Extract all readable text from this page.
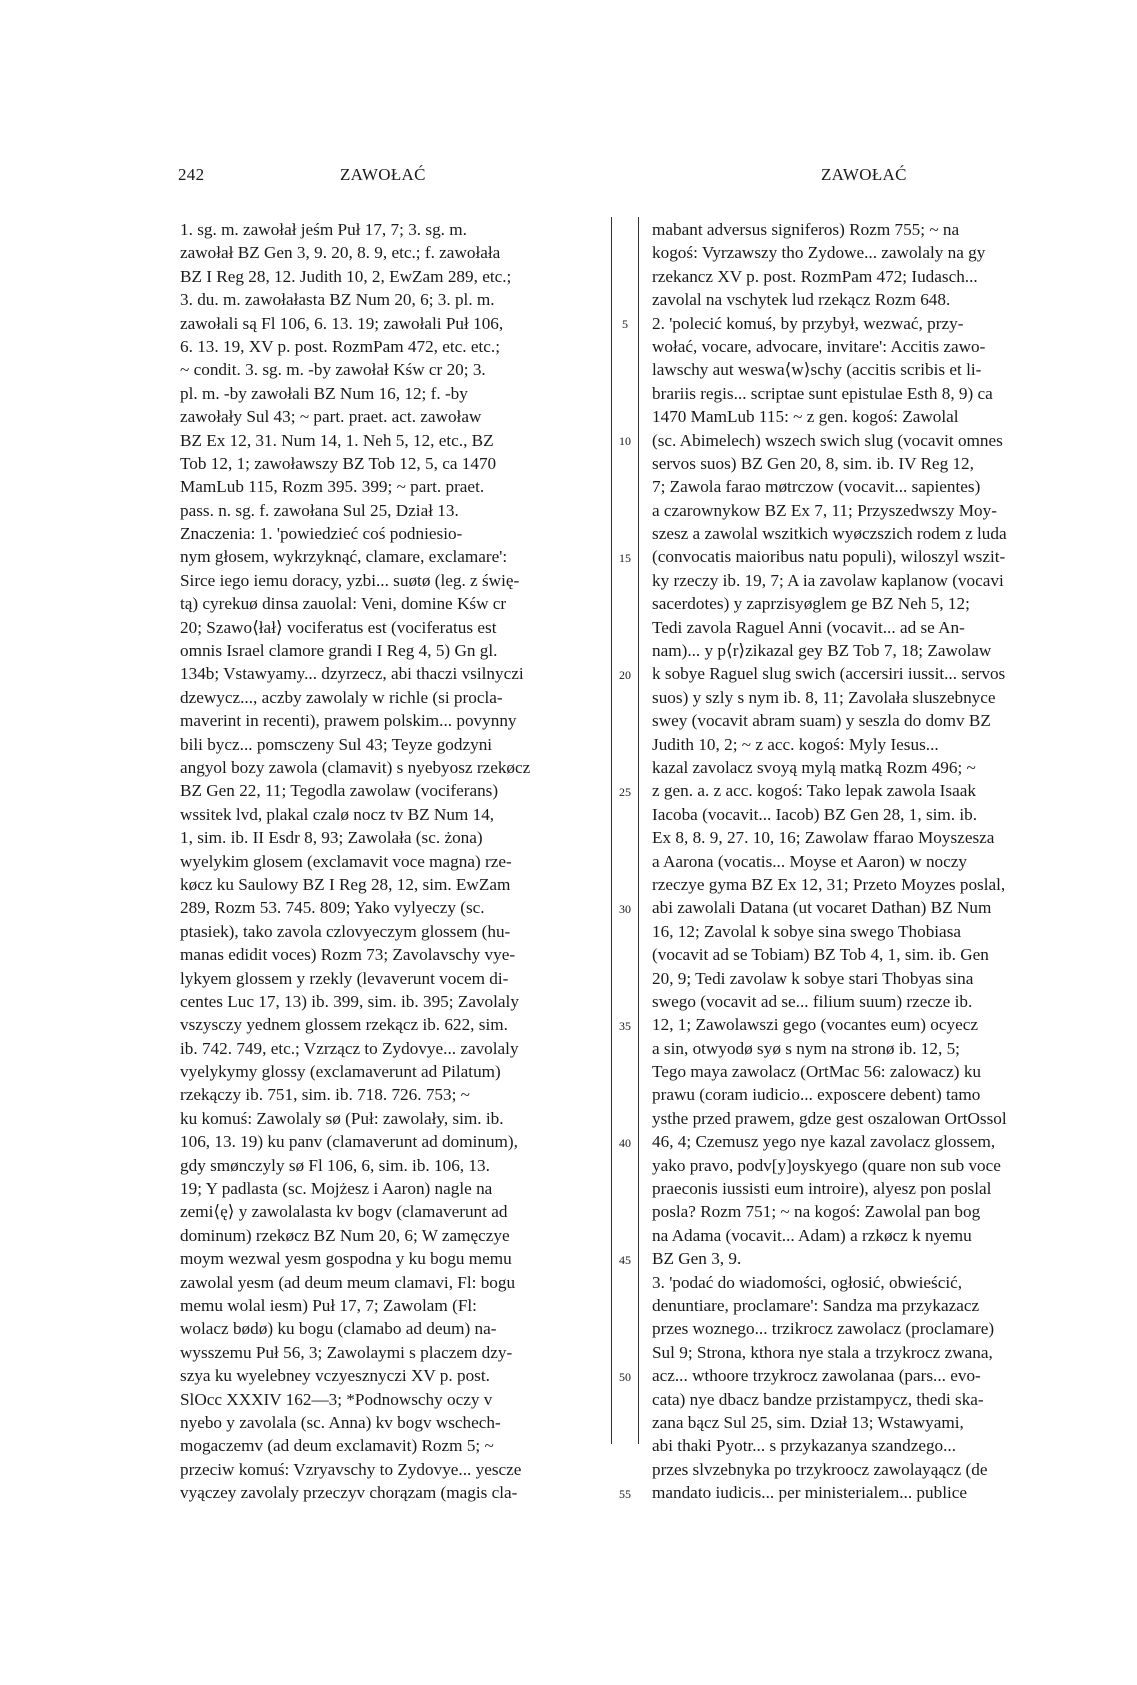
242	ZAWOŁAĆ	ZAWOŁAĆ
5
10
15
20
25
30
35
40
45
50
55
1. sg. m. zawołał jeśm Puł 17, 7; 3. sg. m.
zawołał BZ Gen 3, 9. 20, 8. 9, etc.; f. zawołała
BZ I Reg 28, 12. Judith 10, 2, EwZam 289, etc.;
3. du. m. zawołałasta BZ Num 20, 6; 3. pl. m.
zawołali są Fl 106, 6. 13. 19; zawołali Puł 106,
6. 13. 19, XV p. post. RozmPam 472, etc. etc.;
~ condit. 3. sg. m. -by zawołał Kśw cr 20; 3.
pl. m. -by zawołali BZ Num 16, 12; f. -by
zawołały Sul 43; ~ part. praet. act. zawoław
BZ Ex 12, 31. Num 14, 1. Neh 5, 12, etc., BZ
Tob 12, 1; zawoławszy BZ Tob 12, 5, ca 1470
MamLub 115, Rozm 395. 399; ~ part. praet.
pass. n. sg. f. zawołana Sul 25, Dział 13.
Znaczenia: 1. 'powiedzieć coś podniesio-
nym głosem, wykrzyknąć, clamare, exclamare':
Sirce iego iemu doracy, yzbi... suøtø (leg. z świę-
tą) cyrekuø dinsa zauolal: Veni, domine Kśw cr
20; Szawo⟨łał⟩ vociferatus est (vociferatus est
omnis Israel clamore grandi I Reg 4, 5) Gn gl.
134b; Vstawyamy... dzyrzecz, abi thaczi vsilnyczi
dzewycz..., aczby zawolaly w richle (si procla-
maverint in recenti), prawem polskim... povynny
bili bycz... pomsczeny Sul 43; Teyze godzyni
angyol bozy zawola (clamavit) s nyebyosz rzekøcz
BZ Gen 22, 11; Tegodla zawolaw (vociferans)
wssitek lvd, plakal czalø nocz tv BZ Num 14,
1, sim. ib. II Esdr 8, 93; Zawolała (sc. żona)
wyelykim glosem (exclamavit voce magna) rze-
køcz ku Saulowy BZ I Reg 28, 12, sim. EwZam
289, Rozm 53. 745. 809; Yako vylyeczy (sc.
ptasiek), tako zavola czlovyeczym glossem (hu-
manas edidit voces) Rozm 73; Zavolavschy vye-
lykyem glossem y rzekly (levaverunt vocem di-
centes Luc 17, 13) ib. 399, sim. ib. 395; Zavolaly
vszysczy yednem glossem rzekącz ib. 622, sim.
ib. 742. 749, etc.; Vzrzącz to Zydovye... zavolaly
vyelykymy glossy (exclamaverunt ad Pilatum)
rzekączy ib. 751, sim. ib. 718. 726. 753; ~
ku komuś: Zawolaly sø (Puł: zawolały, sim. ib.
106, 13. 19) ku panv (clamaverunt ad dominum),
gdy smønczyly sø Fl 106, 6, sim. ib. 106, 13.
19; Y padlasta (sc. Mojżesz i Aaron) nagle na
zemi⟨ę⟩ y zawolalasta kv bogv (clamaverunt ad
dominum) rzekøcz BZ Num 20, 6; W zamęczye
moym wezwal yesm gospodna y ku bogu memu
zawolal yesm (ad deum meum clamavi, Fl: bogu
memu wolal iesm) Puł 17, 7; Zawolam (Fl:
wolacz bødø) ku bogu (clamabo ad deum) na-
wysszemu Puł 56, 3; Zawolaymi s placzem dzy-
szya ku wyelebney vczyesznyczi XV p. post.
SlOcc XXXIV 162—3; *Podnowschy oczy v
nyebo y zavolala (sc. Anna) kv bogv wschech-
mogaczemv (ad deum exclamavit) Rozm 5; ~
przeciw komuś: Vzryavschy to Zydovye... yescze
vyączey zavolaly przeczyv chorązam (magis cla-
mabant adversus signiferos) Rozm 755; ~ na
kogoś: Vyrzawszy tho Zydowe... zawolaly na gy
rzekancz XV p. post. RozmPam 472; Iudasch...
zavolal na vschytek lud rzekącz Rozm 648.
2. 'polecić komuś, by przybył, wezwać, przy-
wołać, vocare, advocare, invitare': Accitis zawo-
lawschy aut weswa⟨w⟩schy (accitis scribis et li-
brariis regis... scriptae sunt epistulae Esth 8, 9) ca
1470 MamLub 115: ~ z gen. kogoś: Zawolal
(sc. Abimelech) wszech swich slug (vocavit omnes
servos suos) BZ Gen 20, 8, sim. ib. IV Reg 12,
7; Zawola farao møtrczow (vocavit... sapientes)
a czarownykow BZ Ex 7, 11; Przyszedwszy Moy-
szesz a zawolal wszitkich wyøczszich rodem z luda
(convocatis maioribus natu populi), wiloszyl wszit-
ky rzeczy ib. 19, 7; A ia zavolaw kaplanow (vocavi
sacerdotes) y zaprzisyøglem ge BZ Neh 5, 12;
Tedi zavola Raguel Anni (vocavit... ad se An-
nam)... y p⟨r⟩zikazal gey BZ Tob 7, 18; Zawolaw
k sobye Raguel slug swich (accersiri iussit... servos
suos) y szly s nym ib. 8, 11; Zavolała sluszebnyce
swey (vocavit abram suam) y seszla do domv BZ
Judith 10, 2; ~ z acc. kogoś: Myly Iesus...
kazal zavolacz svoyą mylą matką Rozm 496; ~
z gen. a. z acc. kogoś: Tako lepak zawola Isaak
Iacoba (vocavit... Iacob) BZ Gen 28, 1, sim. ib.
Ex 8, 8. 9, 27. 10, 16; Zawolaw ffarao Moyszesza
a Aarona (vocatis... Moyse et Aaron) w noczy
rzeczye gyma BZ Ex 12, 31; Przeto Moyzes poslal,
abi zawolali Datana (ut vocaret Dathan) BZ Num
16, 12; Zavolal k sobye sina swego Thobiasa
(vocavit ad se Tobiam) BZ Tob 4, 1, sim. ib. Gen
20, 9; Tedi zavolaw k sobye stari Thobyas sina
swego (vocavit ad se... filium suum) rzecze ib.
12, 1; Zawolawszi gego (vocantes eum) ocyecz
a sin, otwyodø syø s nym na stronø ib. 12, 5;
Tego maya zawolacz (OrtMac 56: zalowacz) ku
prawu (coram iudicio... exposcere debent) tamo
ysthe przed prawem, gdze gest oszalowan OrtOssol
46, 4; Czemusz yego nye kazal zavolacz glossem,
yako pravo, podv[y]oyskyego (quare non sub voce
praeconis iussisti eum introire), alyesz pon poslal
posla? Rozm 751; ~ na kogoś: Zawolal pan bog
na Adama (vocavit... Adam) a rzkøcz k nyemu
BZ Gen 3, 9.
3. 'podać do wiadomości, ogłosić, obwieścić,
denuntiare, proclamare': Sandza ma przykazacz
przes woznego... trzikrocz zawolacz (proclamare)
Sul 9; Strona, kthora nye stala a trzykrocz zwana,
acz... wthoore trzykrocz zawolanaa (pars... evo-
cata) nye dbacz bandze przistampycz, thedi ska-
zana bącz Sul 25, sim. Dział 13; Wstawyami,
abi thaki Pyotr... s przykazanya szandzego...
przes slvzebnyka po trzykroocz zawolayąącz (de
mandato iudicis... per ministerialem... publice
